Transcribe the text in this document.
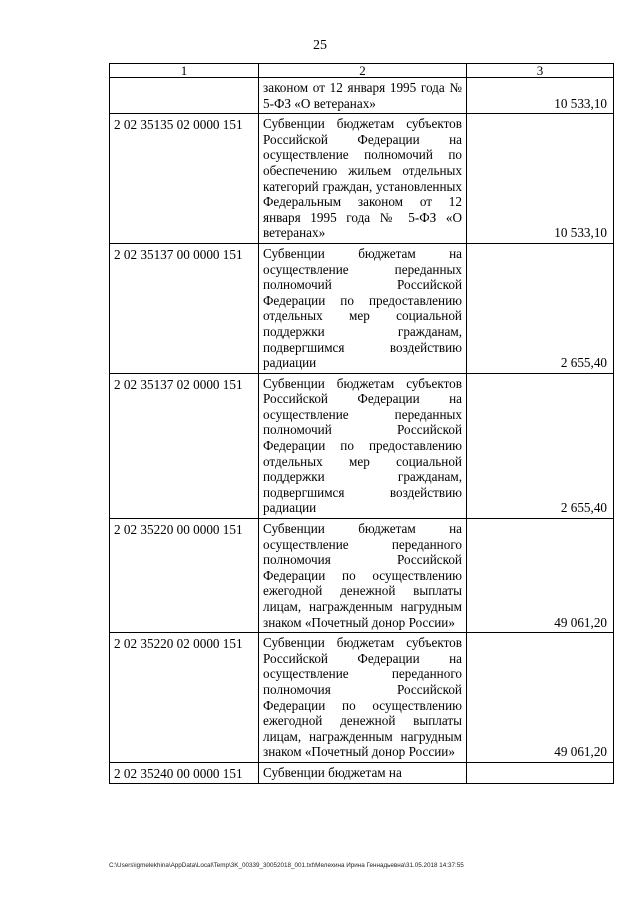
25
1	2	3
	законом от 12 января 1995 года № 5-ФЗ «О ветеранах»	10 533,10
2 02 35135 02 0000 151	Субвенции бюджетам субъектов Российской Федерации на осуществление полномочий по обеспечению жильем отдельных категорий граждан, установленных Федеральным законом от 12 января 1995 года № 5-ФЗ «О ветеранах»	10 533,10
2 02 35137 00 0000 151	Субвенции бюджетам на осуществление переданных полномочий Российской Федерации по предоставлению отдельных мер социальной поддержки гражданам, подвергшимся воздействию радиации	2 655,40
2 02 35137 02 0000 151	Субвенции бюджетам субъектов Российской Федерации на осуществление переданных полномочий Российской Федерации по предоставлению отдельных мер социальной поддержки гражданам, подвергшимся воздействию радиации	2 655,40
2 02 35220 00 0000 151	Субвенции бюджетам на осуществление переданного полномочия Российской Федерации по осуществлению ежегодной денежной выплаты лицам, награжденным нагрудным знаком «Почетный донор России»	49 061,20
2 02 35220 02 0000 151	Субвенции бюджетам субъектов Российской Федерации на осуществление переданного полномочия Российской Федерации по осуществлению ежегодной денежной выплаты лицам, награжденным нагрудным знаком «Почетный донор России»	49 061,20
2 02 35240 00 0000 151	Субвенции бюджетам на	
C:\Users\igmelekhina\AppData\Local\Temp\3K_00339_30052018_001.txt\Мелехина Ирина Геннадьевна\31.05.2018 14:37:55
